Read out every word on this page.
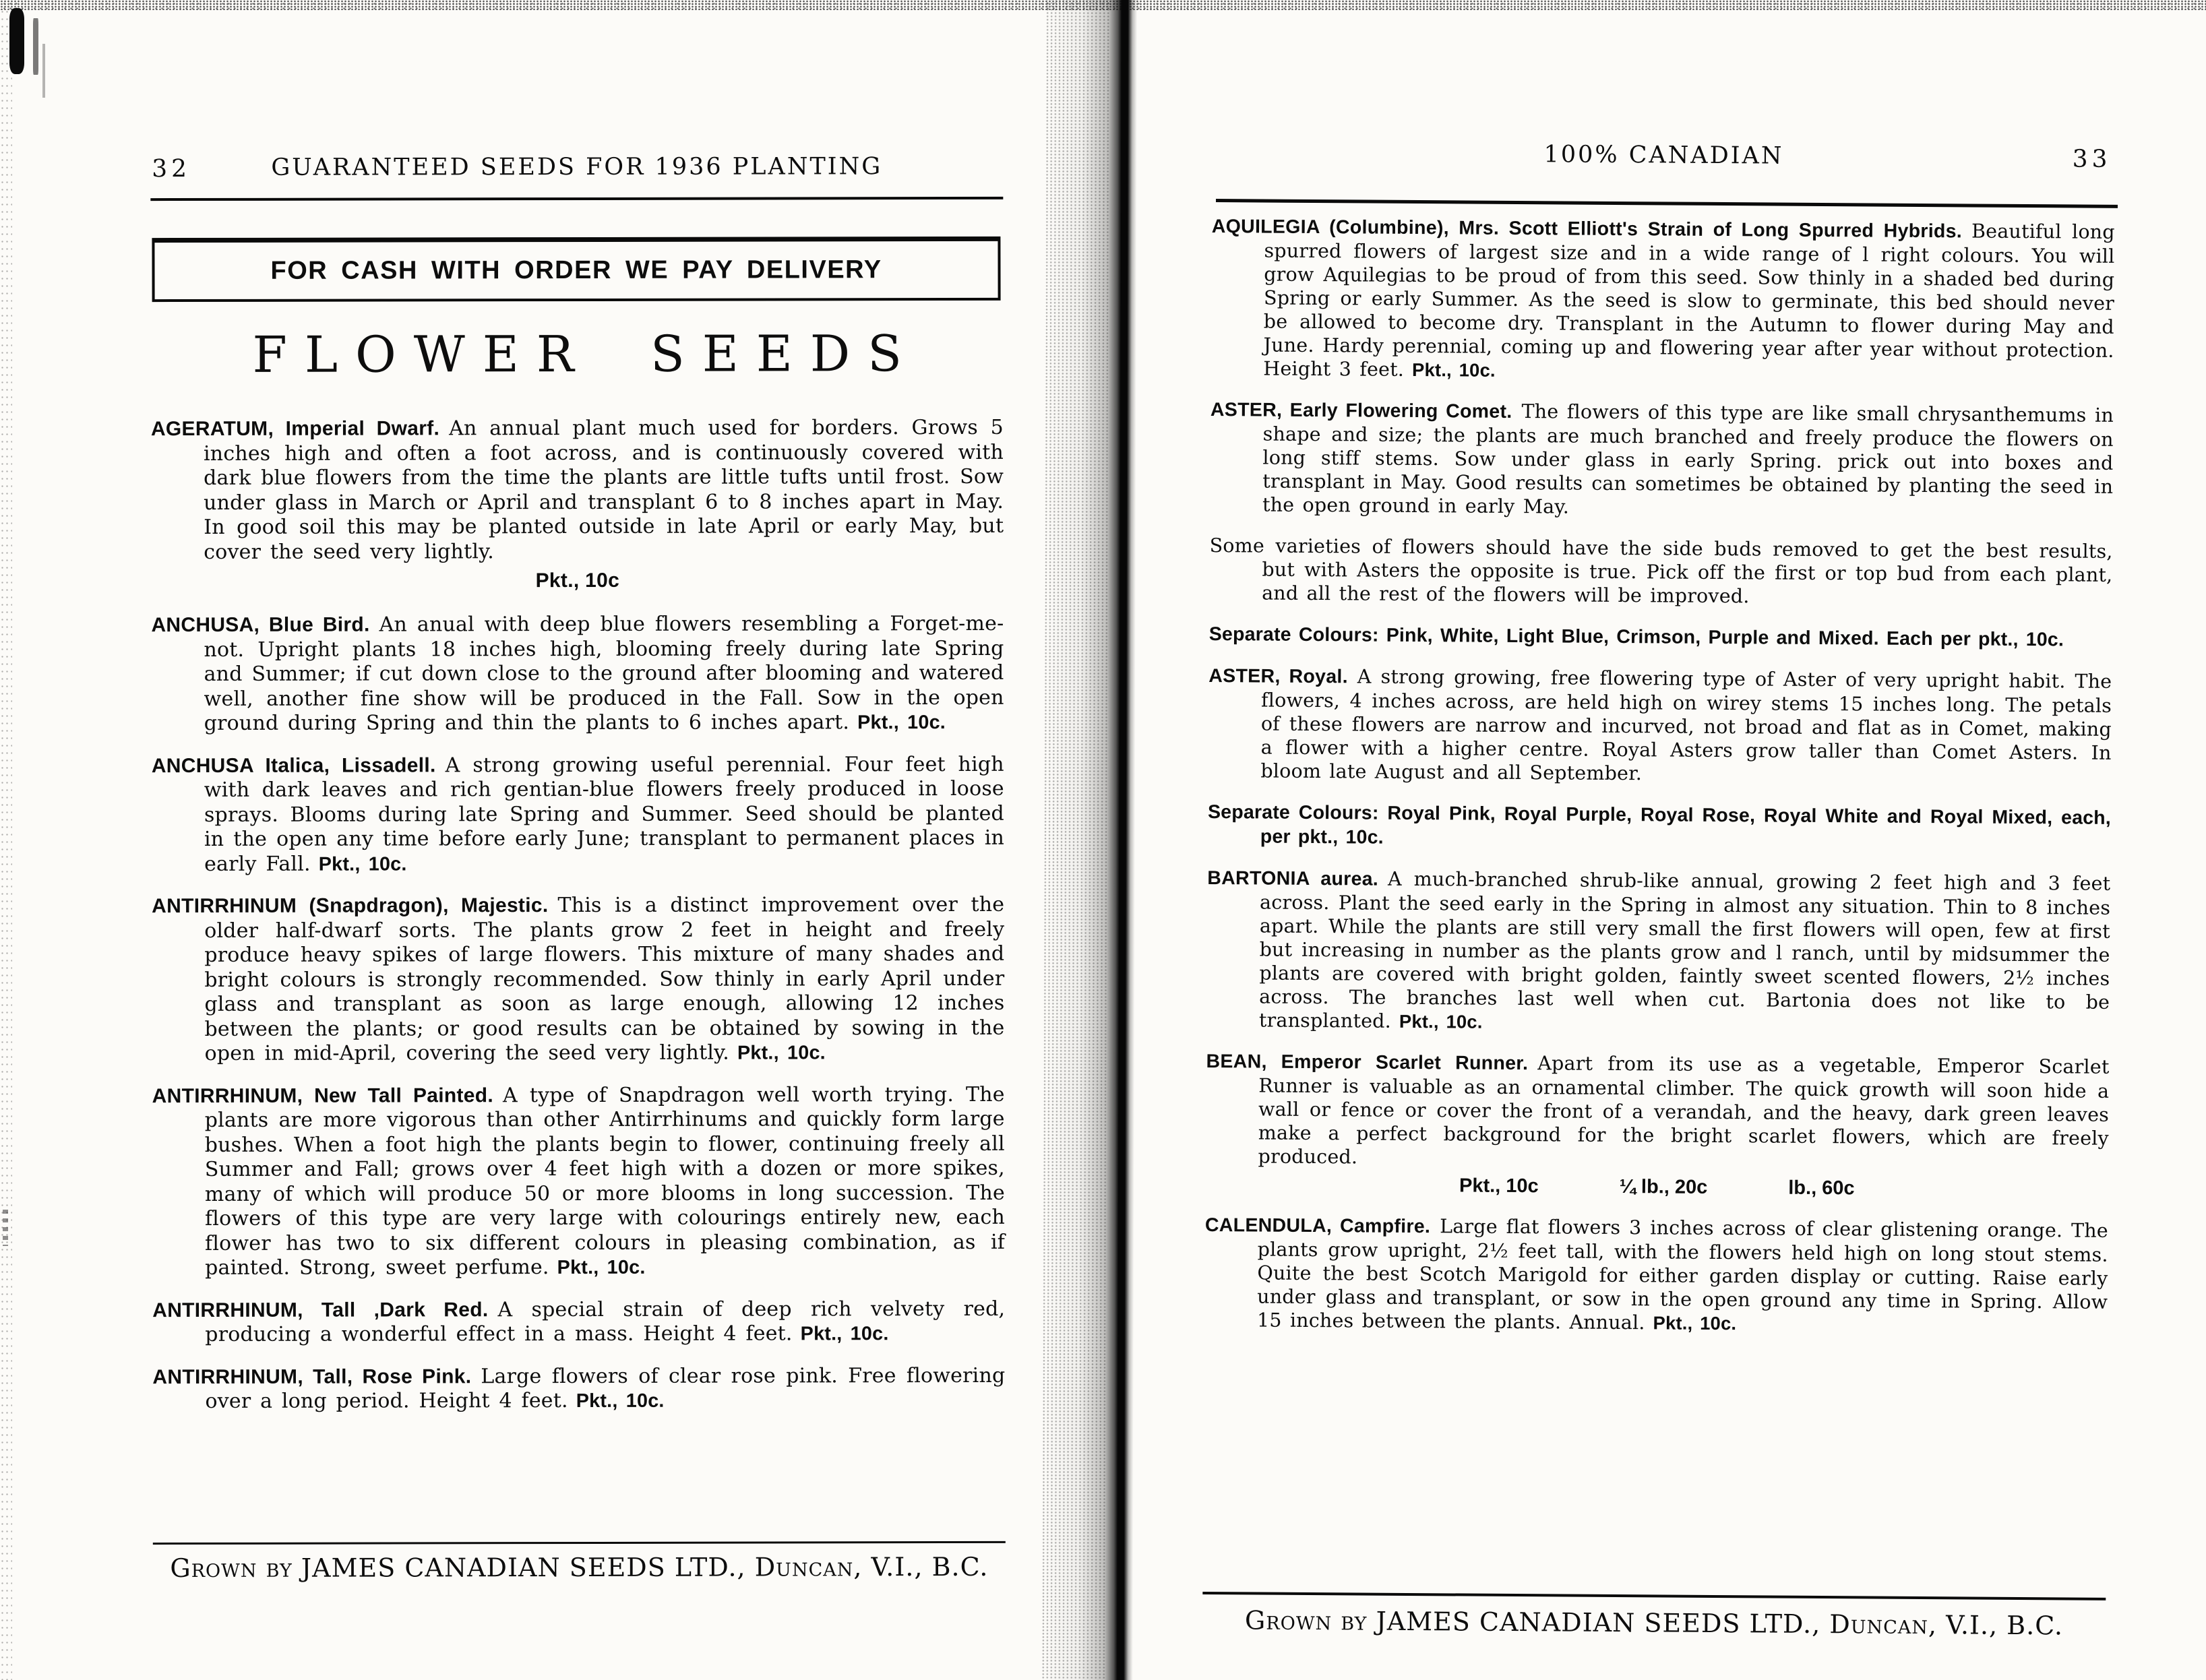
32	GUARANTEED SEEDS FOR 1936 PLANTING
FOR CASH WITH ORDER WE PAY DELIVERY
FLOWER SEEDS

AGERATUM, Imperial Dwarf. An annual plant much used for borders. Grows 5 inches high and often a foot across, and is continuously covered with dark blue flowers from the time the plants are little tufts until frost. Sow under glass in March or April and transplant 6 to 8 inches apart in May. In good soil this may be planted outside in late April or early May, but cover the seed very lightly.

Pkt., 10c

ANCHUSA, Blue Bird. An anual with deep blue flowers resembling a Forget-me-not. Upright plants 18 inches high, blooming freely during late Spring and Summer; if cut down close to the ground after blooming and watered well, another fine show will be produced in the Fall. Sow in the open ground during Spring and thin the plants to 6 inches apart. Pkt., 10c.

ANCHUSA Italica, Lissadell. A strong growing useful perennial. Four feet high with dark leaves and rich gentian-blue flowers freely produced in loose sprays. Blooms during late Spring and Summer. Seed should be planted in the open any time before early June; transplant to permanent places in early Fall. Pkt., 10c.

ANTIRRHINUM (Snapdragon), Majestic. This is a distinct improvement over the older half-dwarf sorts. The plants grow 2 feet in height and freely produce heavy spikes of large flowers. This mixture of many shades and bright colours is strongly recommended. Sow thinly in early April under glass and transplant as soon as large enough, allowing 12 inches between the plants; or good results can be obtained by sowing in the open in mid-April, covering the seed very lightly. Pkt., 10c.

ANTIRRHINUM, New Tall Painted. A type of Snapdragon well worth trying. The plants are more vigorous than other Antirrhinums and quickly form large bushes. When a foot high the plants begin to flower, continuing freely all Summer and Fall; grows over 4 feet high with a dozen or more spikes, many of which will produce 50 or more blooms in long succession. The flowers of this type are very large with colourings entirely new, each flower has two to six different colours in pleasing combination, as if painted. Strong, sweet perfume. Pkt., 10c.

ANTIRRHINUM, Tall ,Dark Red. A special strain of deep rich velvety red, producing a wonderful effect in a mass. Height 4 feet. Pkt., 10c.

ANTIRRHINUM, Tall, Rose Pink. Large flowers of clear rose pink. Free flowering over a long period. Height 4 feet. Pkt., 10c.

Grown by JAMES CANADIAN SEEDS LTD., Duncan, V.I., B.C.
100% CANADIAN	33

AQUILEGIA (Columbine), Mrs. Scott Elliott's Strain of Long Spurred Hybrids. Beautiful long spurred flowers of largest size and in a wide range of l right colours. You will grow Aquilegias to be proud of from this seed. Sow thinly in a shaded bed during Spring or early Summer. As the seed is slow to germinate, this bed should never be allowed to become dry. Transplant in the Autumn to flower during May and June. Hardy perennial, coming up and flowering year after year without protection. Height 3 feet. Pkt., 10c.

ASTER, Early Flowering Comet. The flowers of this type are like small chrysanthemums in shape and size; the plants are much branched and freely produce the flowers on long stiff stems. Sow under glass in early Spring. prick out into boxes and transplant in May. Good results can sometimes be obtained by planting the seed in the open ground in early May.

Some varieties of flowers should have the side buds removed to get the best results, but with Asters the opposite is true. Pick off the first or top bud from each plant, and all the rest of the flowers will be improved.

Separate Colours: Pink, White, Light Blue, Crimson, Purple and Mixed. Each per pkt., 10c.

ASTER, Royal. A strong growing, free flowering type of Aster of very upright habit. The flowers, 4 inches across, are held high on wirey stems 15 inches long. The petals of these flowers are narrow and incurved, not broad and flat as in Comet, making a flower with a higher centre. Royal Asters grow taller than Comet Asters. In bloom late August and all September.

Separate Colours: Royal Pink, Royal Purple, Royal Rose, Royal White and Royal Mixed, each, per pkt., 10c.

BARTONIA aurea. A much-branched shrub-like annual, growing 2 feet high and 3 feet across. Plant the seed early in the Spring in almost any situation. Thin to 8 inches apart. While the plants are still very small the first flowers will open, few at first but increasing in number as the plants grow and l ranch, until by midsummer the plants are covered with bright golden, faintly sweet scented flowers, 2½ inches across. The branches last well when cut. Bartonia does not like to be transplanted. Pkt., 10c.

BEAN, Emperor Scarlet Runner. Apart from its use as a vegetable, Emperor Scarlet Runner is valuable as an ornamental climber. The quick growth will soon hide a wall or fence or cover the front of a verandah, and the heavy, dark green leaves make a perfect background for the bright scarlet flowers, which are freely produced.

Pkt., 10c	¼ lb., 20c	lb., 60c

CALENDULA, Campfire. Large flat flowers 3 inches across of clear glistening orange. The plants grow upright, 2½ feet tall, with the flowers held high on long stout stems. Quite the best Scotch Marigold for either garden display or cutting. Raise early under glass and transplant, or sow in the open ground any time in Spring. Allow 15 inches between the plants. Annual. Pkt., 10c.

Grown by JAMES CANADIAN SEEDS LTD., Duncan, V.I., B.C.
